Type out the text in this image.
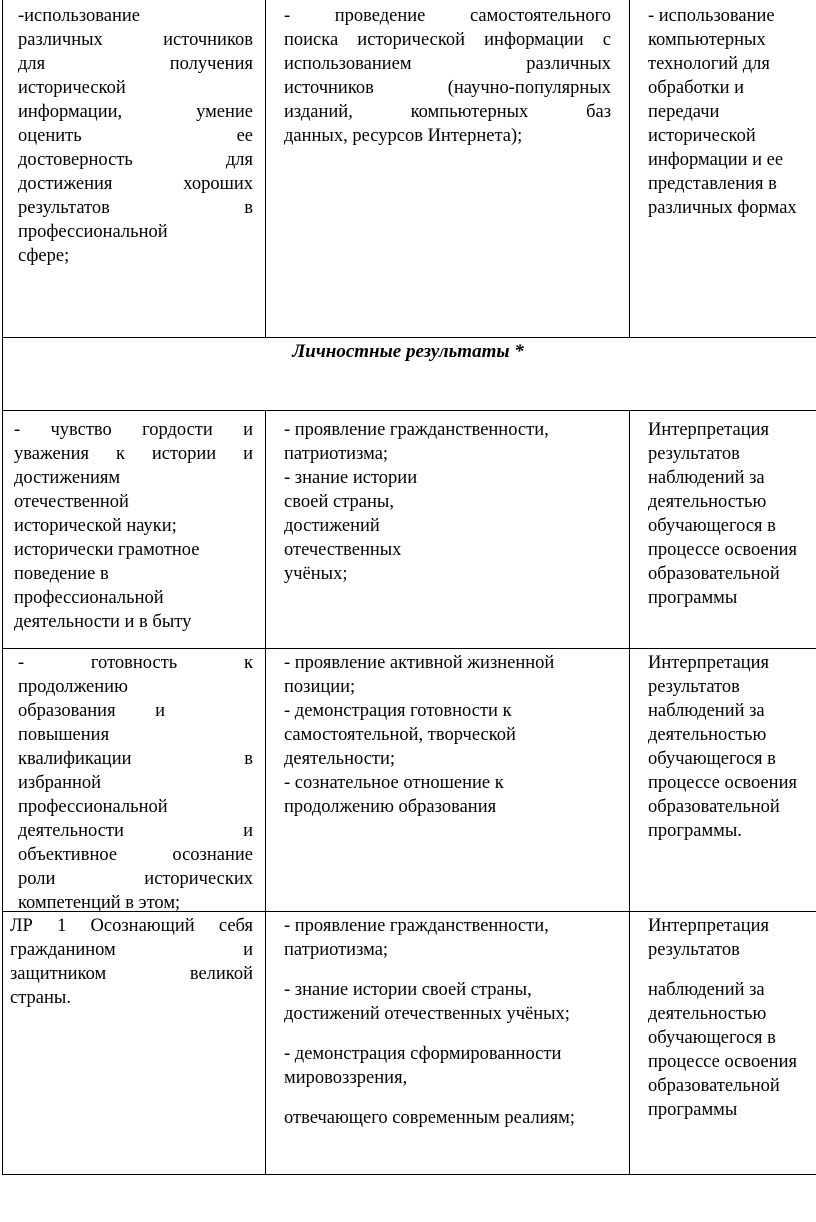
-использование

различных источников

для получения

исторической

информации, умение

оценить ее

достоверность для

достижения хороших

результатов в

профессиональной

сфере;

- проведение самостоятельного

поиска исторической информации с

использованием различных

источников (научно-популярных

изданий, компьютерных баз

данных, ресурсов Интернета);

- использование

компьютерных

технологий для

обработки и

передачи

исторической

информации и ее

представления в

различных формах

Личностные результаты *

- чувство гордости и

уважения к истории и

достижениям

отечественной

исторической науки;

исторически грамотное

поведение в

профессиональной

деятельности и в быту

- проявление гражданственности,

патриотизма;

- знание истории

своей страны,

достижений

отечественных

учёных;

Интерпретация

результатов

наблюдений за

деятельностью

обучающегося в

процессе освоения

образовательной

программы

- готовность к

продолжению

образования и

повышения

квалификации в

избранной

профессиональной

деятельности и

объективное осознание

роли исторических

компетенций в этом;

- проявление активной жизненной

позиции;

- демонстрация готовности к

самостоятельной, творческой

деятельности;

- сознательное отношение к

продолжению образования

Интерпретация

результатов

наблюдений за

деятельностью

обучающегося в

процессе освоения

образовательной

программы.

ЛР 1 Осознающий себя

гражданином и

защитником великой

страны.

- проявление гражданственности,

патриотизма;

- знание истории своей страны,

достижений отечественных учёных;

- демонстрация сформированности

мировоззрения,

отвечающего современным реалиям;

Интерпретация

результатов

наблюдений за

деятельностью

обучающегося в

процессе освоения

образовательной

программы
